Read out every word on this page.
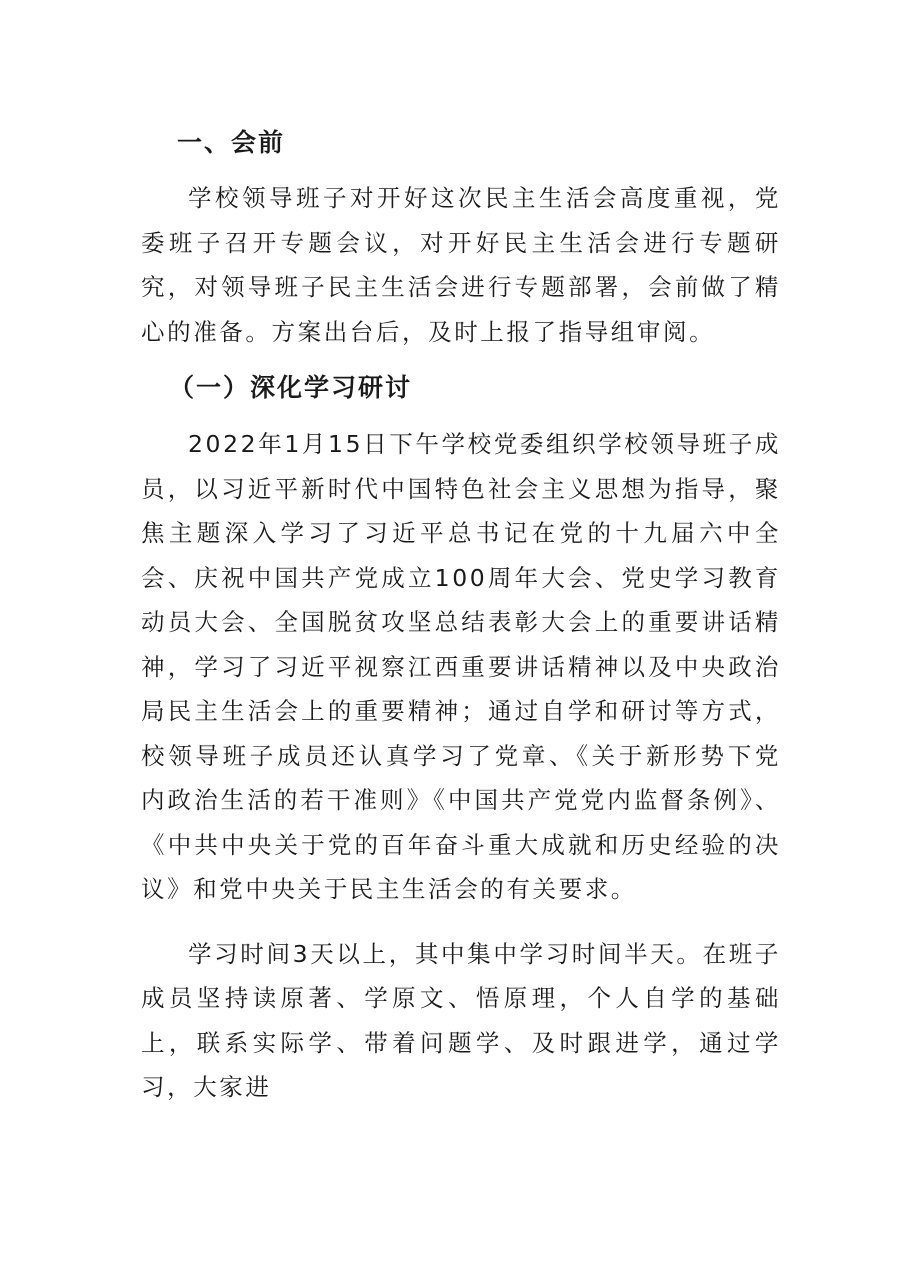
一、会前

学校领导班子对开好这次民主生活会高度重视，党委班子召开专题会议，对开好民主生活会进行专题研究，对领导班子民主生活会进行专题部署，会前做了精心的准备。方案出台后，及时上报了指导组审阅。

（一）深化学习研讨

2022年1月15日下午学校党委组织学校领导班子成员，以习近平新时代中国特色社会主义思想为指导，聚焦主题深入学习了习近平总书记在党的十九届六中全会、庆祝中国共产党成立100周年大会、党史学习教育动员大会、全国脱贫攻坚总结表彰大会上的重要讲话精神，学习了习近平视察江西重要讲话精神以及中央政治局民主生活会上的重要精神；通过自学和研讨等方式，校领导班子成员还认真学习了党章、《关于新形势下党内政治生活的若干准则》《中国共产党党内监督条例》、《中共中央关于党的百年奋斗重大成就和历史经验的决议》和党中央关于民主生活会的有关要求。

学习时间3天以上，其中集中学习时间半天。在班子成员坚持读原著、学原文、悟原理，个人自学的基础上，联系实际学、带着问题学、及时跟进学，通过学习，大家进
